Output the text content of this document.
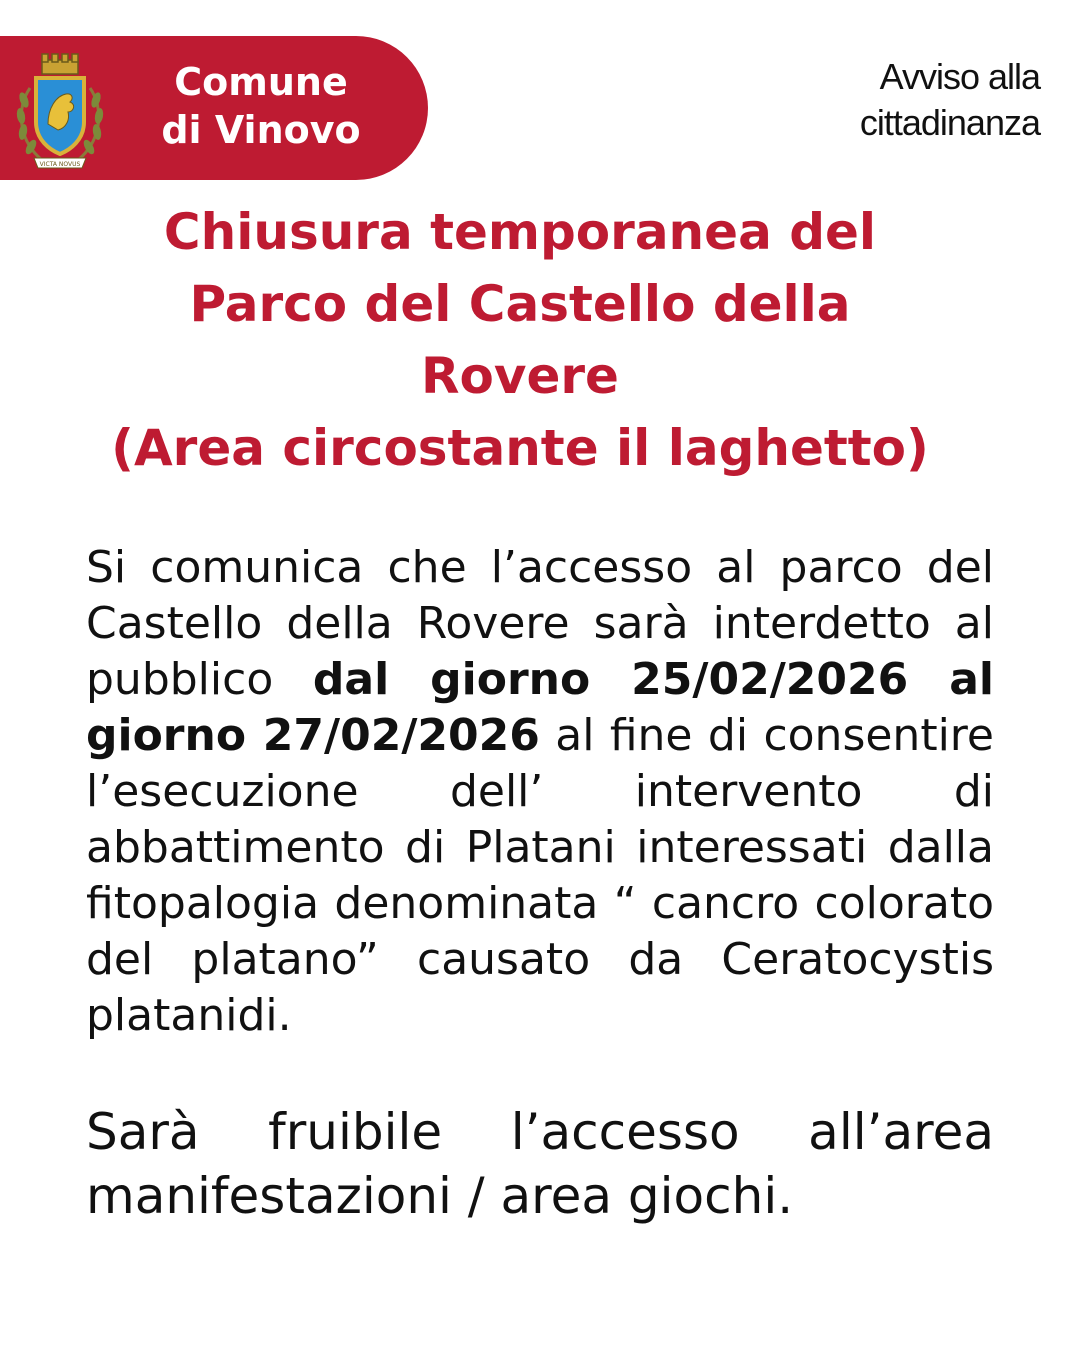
VICTA NOVUS
Comune
di Vinovo
Avviso alla
cittadinanza
Chiusura temporanea del
Parco del Castello della
Rovere
(Area circostante il laghetto)

Si comunica che l’accesso al parco del Castello della Rovere sarà interdetto al pubblico dal giorno 25/02/2026 al giorno 27/02/2026 al fine di consentire l’esecuzione dell’ intervento di abbattimento di Platani interessati dalla fitopalogia denominata “ cancro colorato del platano” causato da Ceratocystis platanidi.

Sarà fruibile l’accesso all’area manifestazioni / area giochi.
